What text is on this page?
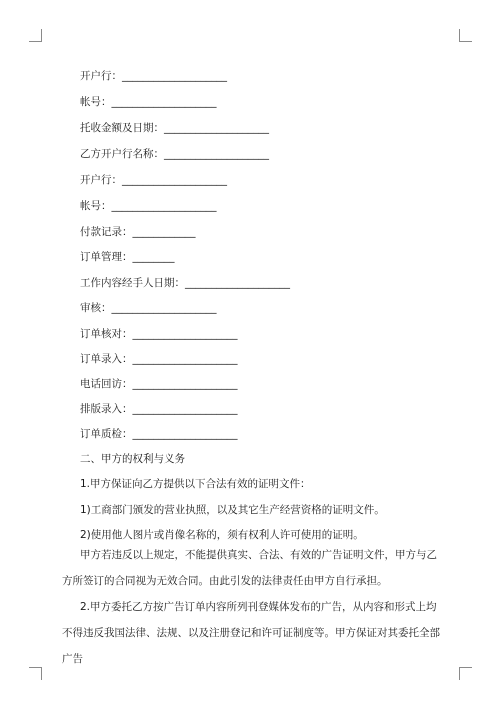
开户行：____________________
帐号：____________________
托收金额及日期：____________________
乙方开户行名称：____________________
开户行：____________________
帐号：____________________
付款记录：____________
订单管理：________
工作内容经手人日期：____________________
审核：____________________
订单核对：____________________
订单录入：____________________
电话回访：____________________
排版录入：____________________
订单质检：____________________
二、甲方的权利与义务
1.甲方保证向乙方提供以下合法有效的证明文件：
1)工商部门颁发的营业执照，以及其它生产经营资格的证明文件。
2)使用他人图片或肖像名称的，须有权利人许可使用的证明。
甲方若违反以上规定，不能提供真实、合法、有效的广告证明文件，甲方与乙方所签订的合同视为无效合同。由此引发的法律责任由甲方自行承担。
2.甲方委托乙方按广告订单内容所列刊登媒体发布的广告，从内容和形式上均不得违反我国法律、法规、以及注册登记和许可证制度等。甲方保证对其委托全部广告
